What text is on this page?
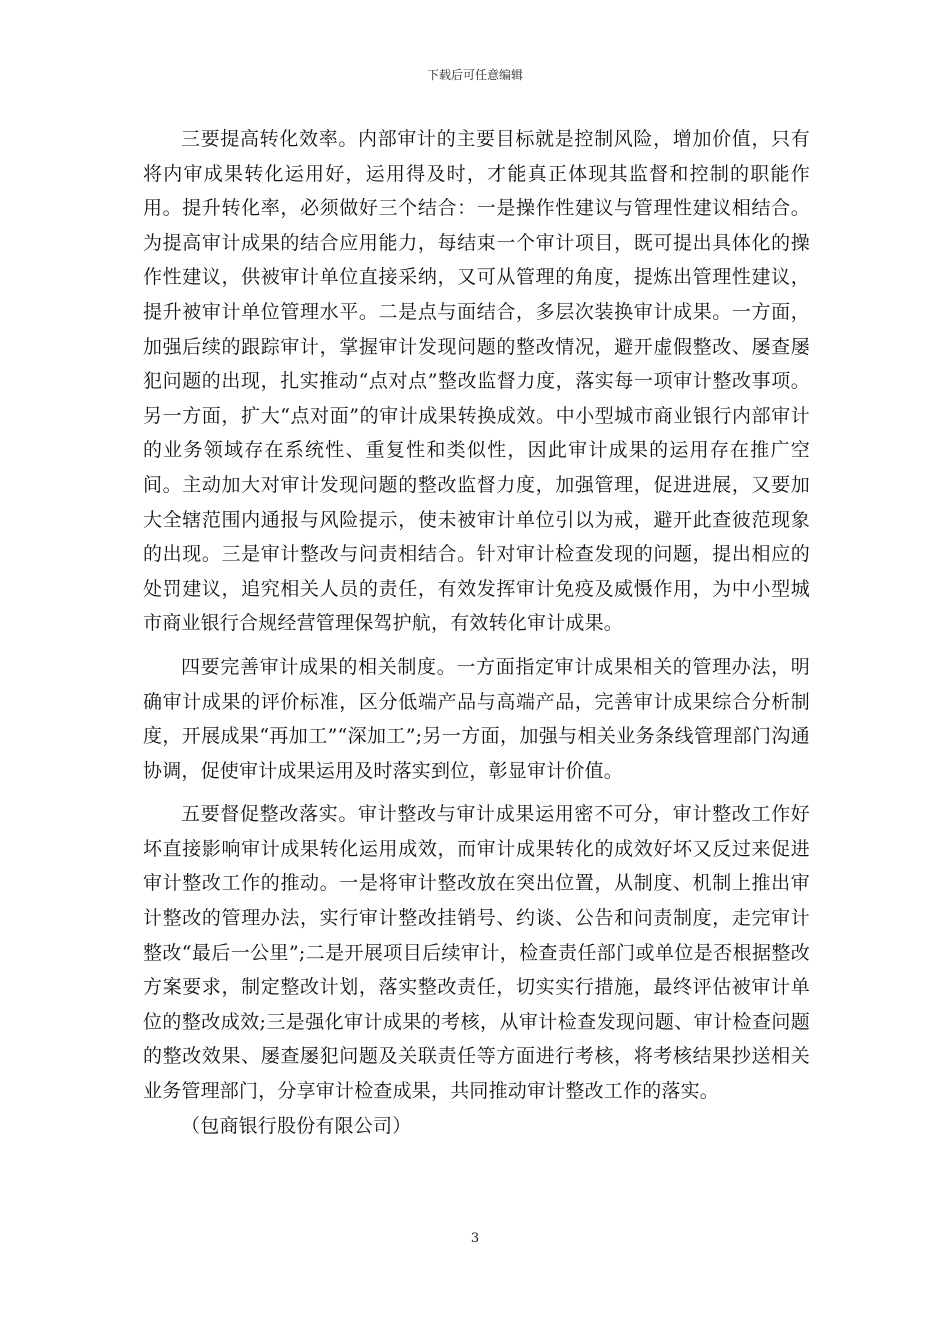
下载后可任意编辑

三要提高转化效率。内部审计的主要目标就是控制风险，增加价值，只有将内审成果转化运用好，运用得及时，才能真正体现其监督和控制的职能作用。提升转化率，必须做好三个结合：一是操作性建议与管理性建议相结合。为提高审计成果的结合应用能力，每结束一个审计项目，既可提出具体化的操作性建议，供被审计单位直接采纳，又可从管理的角度，提炼出管理性建议，提升被审计单位管理水平。二是点与面结合，多层次装换审计成果。一方面，加强后续的跟踪审计，掌握审计发现问题的整改情况，避开虚假整改、屡查屡犯问题的出现，扎实推动“点对点”整改监督力度，落实每一项审计整改事项。另一方面，扩大“点对面”的审计成果转换成效。中小型城市商业银行内部审计的业务领域存在系统性、重复性和类似性，因此审计成果的运用存在推广空间。主动加大对审计发现问题的整改监督力度，加强管理，促进进展，又要加大全辖范围内通报与风险提示，使未被审计单位引以为戒，避开此查彼范现象的出现。三是审计整改与问责相结合。针对审计检查发现的问题，提出相应的处罚建议，追究相关人员的责任，有效发挥审计免疫及威慑作用，为中小型城市商业银行合规经营管理保驾护航，有效转化审计成果。

四要完善审计成果的相关制度。一方面指定审计成果相关的管理办法，明确审计成果的评价标准，区分低端产品与高端产品，完善审计成果综合分析制度，开展成果“再加工”“深加工”;另一方面，加强与相关业务条线管理部门沟通协调，促使审计成果运用及时落实到位，彰显审计价值。

五要督促整改落实。审计整改与审计成果运用密不可分，审计整改工作好坏直接影响审计成果转化运用成效，而审计成果转化的成效好坏又反过来促进审计整改工作的推动。一是将审计整改放在突出位置，从制度、机制上推出审计整改的管理办法，实行审计整改挂销号、约谈、公告和问责制度，走完审计整改“最后一公里”;二是开展项目后续审计，检查责任部门或单位是否根据整改方案要求，制定整改计划，落实整改责任，切实实行措施，最终评估被审计单位的整改成效;三是强化审计成果的考核，从审计检查发现问题、审计检查问题的整改效果、屡查屡犯问题及关联责任等方面进行考核，将考核结果抄送相关业务管理部门，分享审计检查成果，共同推动审计整改工作的落实。

（包商银行股份有限公司）

3
